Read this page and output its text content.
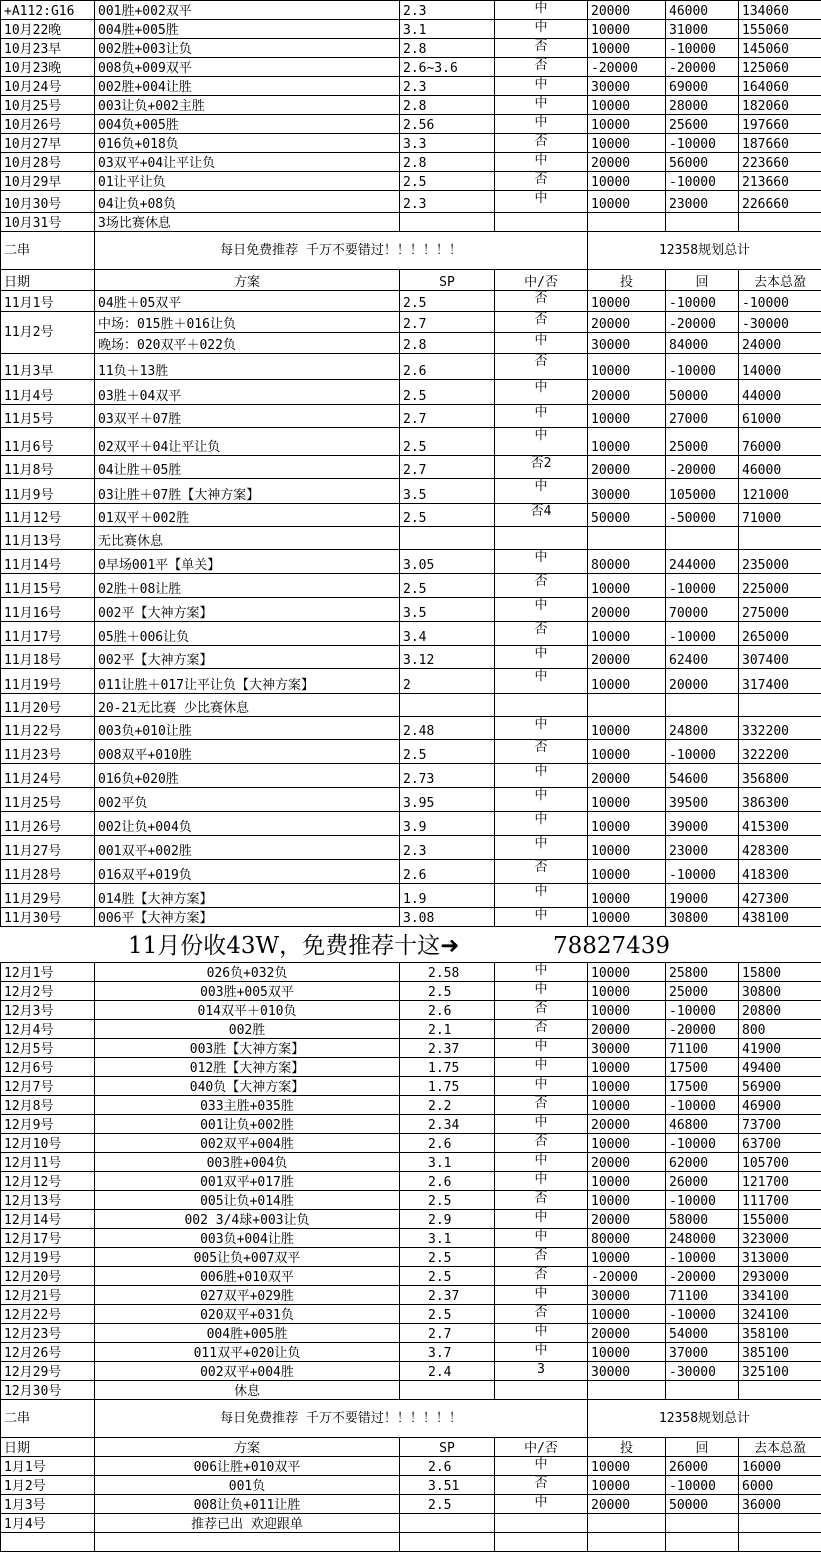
+A112:G16	001胜+002双平	2.3	中	20000	46000	134060
10月22晚	004胜+005胜	3.1	中	10000	31000	155060
10月23早	002胜+003让负	2.8	否	10000	-10000	145060
10月23晚	008负+009双平	2.6~3.6	否	-20000	-20000	125060
10月24号	002胜+004让胜	2.3	中	30000	69000	164060
10月25号	003让负+002主胜	2.8	中	10000	28000	182060
10月26号	004负+005胜	2.56	中	10000	25600	197660
10月27早	016负+018负	3.3	否	10000	-10000	187660
10月28号	03双平+04让平让负	2.8	中	20000	56000	223660
10月29早	01让平让负	2.5	否	10000	-10000	213660
10月30号	04让负+08负	2.3	中	10000	23000	226660
10月31号	3场比赛休息					
二串	每日免费推荐 千万不要错过！！！！！！			12358规划总计		
日期	方案	SP	中/否	投	回	去本总盈
11月1号	04胜＋05双平	2.5	否	10000	-10000	-10000
11月2号	中场：015胜＋016让负	2.7	否	20000	-20000	-30000
	晚场：020双平＋022负	2.8	中	30000	84000	24000
11月3早	11负＋13胜	2.6	否	10000	-10000	14000
11月4号	03胜＋04双平	2.5	中	20000	50000	44000
11月5号	03双平＋07胜	2.7	中	10000	27000	61000
11月6号	02双平＋04让平让负	2.5	中	10000	25000	76000
11月8号	04让胜＋05胜	2.7	否2	20000	-20000	46000
11月9号	03让胜＋07胜【大神方案】	3.5	中	30000	105000	121000
11月12号	01双平＋002胜	2.5	否4	50000	-50000	71000
11月13号	无比赛休息					
11月14号	0早场001平【单关】	3.05	中	80000	244000	235000
11月15号	02胜＋08让胜	2.5	否	10000	-10000	225000
11月16号	002平【大神方案】	3.5	中	20000	70000	275000
11月17号	05胜＋006让负	3.4	否	10000	-10000	265000
11月18号	002平【大神方案】	3.12	中	20000	62400	307400
11月19号	011让胜＋017让平让负【大神方案】	2	中	10000	20000	317400
11月20号	20-21无比赛 少比赛休息					
11月22号	003负+010让胜	2.48	中	10000	24800	332200
11月23号	008双平+010胜	2.5	否	10000	-10000	322200
11月24号	016负+020胜	2.73	中	20000	54600	356800
11月25号	002平负	3.95	中	10000	39500	386300
11月26号	002让负+004负	3.9	中	10000	39000	415300
11月27号	001双平+002胜	2.3	中	10000	23000	428300
11月28号	016双平+019负	2.6	否	10000	-10000	418300
11月29号	014胜【大神方案】	1.9	中	10000	19000	427300
11月30号	006平【大神方案】	3.08	中	10000	30800	438100
11月份收43W，免费推荐十这➜	78827439
12月1号	026负+032负	2.58	中	10000	25800	15800
12月2号	003胜+005双平	2.5	中	10000	25000	30800
12月3号	014双平＋010负	2.6	否	10000	-10000	20800
12月4号	002胜	2.1	否	20000	-20000	800
12月5号	003胜【大神方案】	2.37	中	30000	71100	41900
12月6号	012胜【大神方案】	1.75	中	10000	17500	49400
12月7号	040负【大神方案】	1.75	中	10000	17500	56900
12月8号	033主胜+035胜	2.2	否	10000	-10000	46900
12月9号	001让负+002胜	2.34	中	20000	46800	73700
12月10号	002双平+004胜	2.6	否	10000	-10000	63700
12月11号	003胜+004负	3.1	中	20000	62000	105700
12月12号	001双平+017胜	2.6	中	10000	26000	121700
12月13号	005让负+014胜	2.5	否	10000	-10000	111700
12月14号	002 3/4球+003让负	2.9	中	20000	58000	155000
12月17号	003负+004让胜	3.1	中	80000	248000	323000
12月19号	005让负+007双平	2.5	否	10000	-10000	313000
12月20号	006胜+010双平	2.5	否	-20000	-20000	293000
12月21号	027双平+029胜	2.37	中	30000	71100	334100
12月22号	020双平+031负	2.5	否	10000	-10000	324100
12月23号	004胜+005胜	2.7	中	20000	54000	358100
12月26号	011双平+020让负	3.7	中	10000	37000	385100
12月29号	002双平+004胜	2.4	3	30000	-30000	325100
12月30号	休息					
二串	每日免费推荐 千万不要错过！！！！！！			12358规划总计		
日期	方案	SP	中/否	投	回	去本总盈
1月1号	006让胜+010双平	2.6	中	10000	26000	16000
1月2号	001负	3.51	否	10000	-10000	6000
1月3号	008让负+011让胜	2.5	中	20000	50000	36000
1月4号	推荐已出 欢迎跟单					
